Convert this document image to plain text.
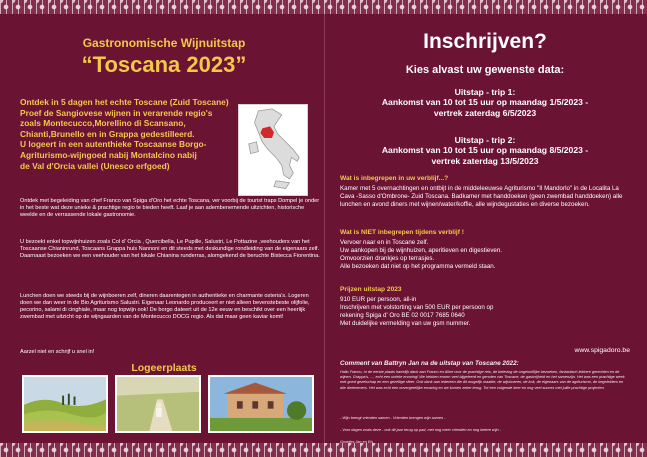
Gastronomische Wijnuitstap
“Toscana 2023”

Ontdek in 5 dagen het echte Toscane (Zuid Toscane)

Proef de Sangiovese wijnen in verarende regio's

zoals Montecucco,Morellino di Scansano,

Chianti,Brunello en in Grappa gedestilleerd.

U logeert in een autenthieke Toscaanse Borgo-

Agriturismo-wijngoed nabij Montalcino nabij

de Val d'Orcia vallei (Unesco erfgoed)

Ontdek met begeleiding van chef Franco van Spiga d'Oro het echte Toscana, ver voorbij de tourist traps Dompel je onder in het beste wat deze unieke & prachtige regio te bieden heeft. Laaf je aan adembenemende uitzichten, historische weelde en de verrassende lokale gastronomie.
U bezoekt enkel topwijnhuizen zoals Col d' Orcia , Quercibella, Le Pupille, Salustri, Le Pottazine ,veehouders van het Toscaanse Chianinrund, Toscaans Grappa huis Nannoni en dit steeds met deskundige rondleiding van de eigenaars zelf. Daarnaast bezoeken we een veehouder van het lokale Chianina runderras, alomgekend de beruchte Bistecca Fiorentina.
Lunchen doen we steeds bij de wijnboeren zelf, dineren daarentegen in authentieke en charmante osteria's. Logeren doen we dan weer in de Bio Agriturismo Salustri. Eigenaar Leonardo produceert er niet alleen bevenstebeste olijfolie, pecorino, salami di cinghiale, maar nog topwijn ook! De borgo dateert uit de 12e eeuw en beschikt over een heerlijk zwembad met uitzicht op de wijngaarden van de Montecucco DOCG regio. Als dat maar geen kaviar komt!
Aarzel niet en schrijf u snel in!
Logeerplaats
Inschrijven?
Kies alvast uw gewenste data:
Uitstap - trip 1:
Aankomst van 10 tot 15 uur op maandag 1/5/2023 -
vertrek zaterdag 6/5/2023
Uitstap - trip 2:
Aankomst van 10 tot 15 uur op maandag 8/5/2023 -
vertrek zaterdag 13/5/2023
Wat is inbegrepen in uw verblijf...?
Kamer met 5 overnachtingen en ontbijt in de middeleeuwse Agriturismo "Il Mandorlo" in de Localita La Cava -Sasso d'Ombrone- Zuid Toscana. Badkamer met handdoeken (geen zwembad handdoeken) alle lunchen en avond diners met wijnen/water/koffie, alle wijndegustaties en diverse bezoeken.
Wat is NIET inbegrepen tijdens verblijf !
Vervoer naar en in Toscane zelf.
Uw aankopen bij de wijnhuizen, aperitieven en digestieven.
Omvoorzien drankjes op terrasjes.
Alle bezoeken dat niet op het programma vermeld staan.
Prijzen uitstap 2023
910 EUR per persoon, all-in
Inschrijven met volstorting van 500 EUR per persoon op
rekening Spiga d' Oro BE 02 0017 7685 0640
Met duidelijke vermelding van uw gsm nummer.
www.spigadoro.be
Comment van Battryn Jan na de uitstap van Toscane 2022:
Hallo Franco, In de eerste plaats hartelijk dank aan Franco en Aline voor de prachtige reis, de beleving de ongelooflijke bezoeken, fantastisch lekkere gerechten en de wijnen. Grappa's, ..., echt een unieke ervaring! We hebben enorm veel bijgeleerd en genoten van Toscane, de gastvrijheid en het samenzijn. Het was een prachtige week met goed gezelschap en een gezellige sfeer. Ook dank aan iedereen die dit mogelijk maakte, de wijnboeren, de kok, de eigenaars van de agriturismo, de begeleiders en alle deelnemers. Het was echt een onvergetelijke ervaring en we komen zeker terug. Tot een volgende keer en nog veel succes met jullie prachtige projecten.
- Wijn brengt vrienden samen - Vrienden brengen wijn samen -
- Voor dagen zoals deze - ook dit jaar terug op pad, met nog meer vrienden en nog betere wijn -
Groetjes Jan en Els
